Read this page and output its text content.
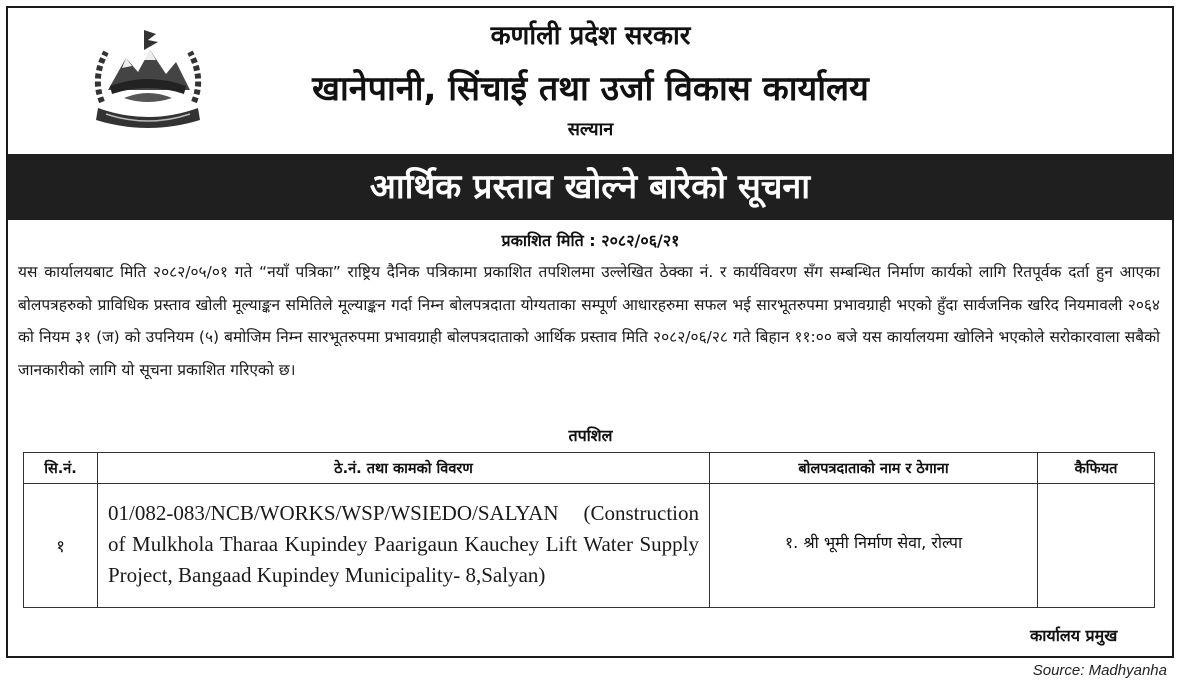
कर्णाली प्रदेश सरकार
खानेपानी, सिंचाई तथा उर्जा विकास कार्यालय
सल्यान
आर्थिक प्रस्ताव खोल्ने बारेको सूचना
प्रकाशित मिति : २०८२/०६/२१

यस कार्यालयबाट मिति २०८२/०५/०१ गते “नयाँ पत्रिका” राष्ट्रिय दैनिक पत्रिकामा प्रकाशित तपशिलमा उल्लेखित ठेक्का नं. र कार्यविवरण सँग सम्बन्धित निर्माण कार्यको लागि रितपूर्वक दर्ता हुन आएका बोलपत्रहरुको प्राविधिक प्रस्ताव खोली मूल्याङ्कन समितिले मूल्याङ्कन गर्दा निम्न बोलपत्रदाता योग्यताका सम्पूर्ण आधारहरुमा सफल भई सारभूतरुपमा प्रभावग्राही भएको हुँदा सार्वजनिक खरिद नियमावली २०६४ को नियम ३१ (ज) को उपनियम (५) बमोजिम निम्न सारभूतरुपमा प्रभावग्राही बोलपत्रदाताको आर्थिक प्रस्ताव मिति २०८२/०६/२८ गते बिहान ११:०० बजे यस कार्यालयमा खोलिने भएकोले सरोकारवाला सबैको जानकारीको लागि यो सूचना प्रकाशित गरिएको छ।

तपशिल
सि.नं.	ठे.नं. तथा कामको विवरण	बोलपत्रदाताको नाम र ठेगाना	कैफियत
१	01/082-083/NCB/WORKS/WSP/WSIEDO/SALYAN (Construction of Mulkhola Tharaa Kupindey Paarigaun Kauchey Lift Water Supply Project, Bangaad Kupindey Municipality- 8,Salyan)	१. श्री भूमी निर्माण सेवा, रोल्पा	
कार्यालय प्रमुख
Source: Madhyanha
